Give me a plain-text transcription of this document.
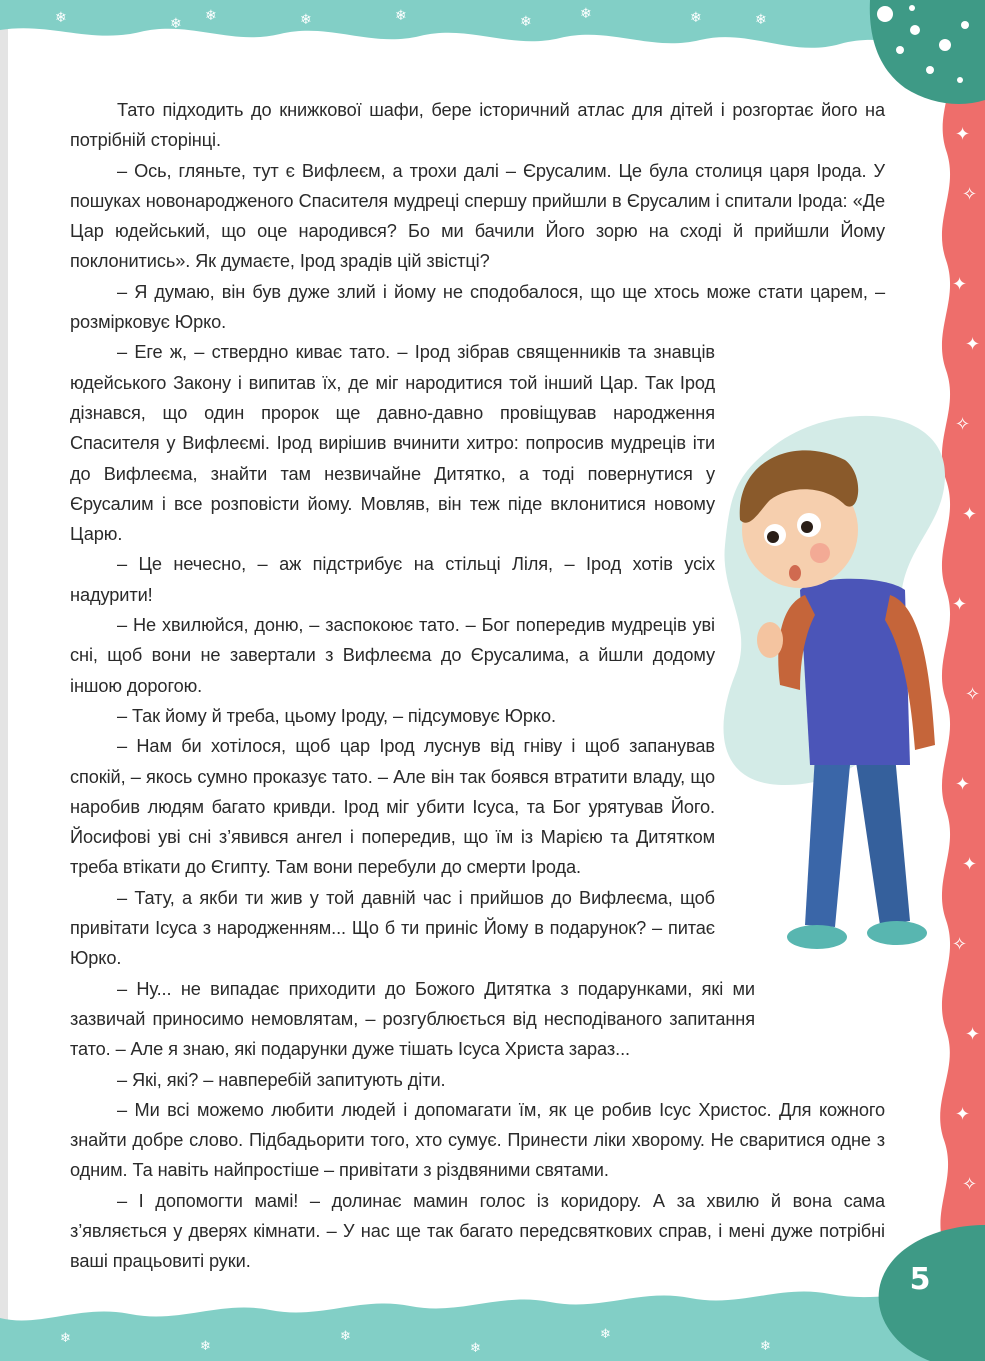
❄	❄ ❄	❄	❄	❄	❄	❄	❄
✦
✧
✦
✦
✧
✦
✦
✧
✦
✦
✧
✦
✦
✧
❄
❄
❄
❄
❄
❄

Тато підходить до книжкової шафи, бере історичний атлас для дітей і розгортає його на потрібній сторінці.

– Ось, гляньте, тут є Вифлеєм, а трохи далі – Єрусалим. Це була столиця царя Ірода. У пошуках новонародженого Спасителя мудреці спершу прийшли в Єрусалим і спитали Ірода: «Де Цар юдейський, що оце народився? Бо ми бачили Його зорю на сході й прийшли Йому поклонитись». Як думаєте, Ірод зрадів цій звістці?

– Я думаю, він був дуже злий і йому не сподобалося, що ще хтось може стати царем, – розмірковує Юрко.

– Еге ж, – ствердно киває тато. – Ірод зібрав священників та знавців юдейського Закону і випитав їх, де міг народитися той інший Цар. Так Ірод дізнався, що один пророк ще давно-давно провіщував народження Спасителя у Вифлеємі. Ірод вирішив вчинити хитро: попросив мудреців іти до Вифлеєма, знайти там незвичайне Дитятко, а тоді повернутися у Єрусалим і все розповісти йому. Мовляв, він теж піде вклонитися новому Царю.

– Це нечесно, – аж підстрибує на стільці Ліля, – Ірод хотів усіх надурити!

– Не хвилюйся, доню, – заспокоює тато. – Бог попередив мудреців уві сні, щоб вони не завертали з Вифлеєма до Єрусалима, а йшли додому іншою дорогою.

– Так йому й треба, цьому Іроду, – підсумовує Юрко.

– Нам би хотілося, щоб цар Ірод луснув від гніву і щоб запанував спокій, – якось сумно проказує тато. – Але він так боявся втратити владу, що наробив людям багато кривди. Ірод міг убити Ісуса, та Бог урятував Його. Йосифові уві сні з’явився ангел і попередив, що їм із Марією та Дитятком треба втікати до Єгипту. Там вони перебули до смерти Ірода.

– Тату, а якби ти жив у той давній час і прийшов до Вифлеєма, щоб привітати Ісуса з народженням... Що б ти приніс Йому в подарунок? – питає Юрко.

– Ну... не випадає приходити до Божого Дитятка з подарунками, які ми зазвичай приносимо немовлятам, – розгублюється від несподіваного запитання тато. – Але я знаю, які подарунки дуже тішать Ісуса Христа зараз...

– Які, які? – навперебій запитують діти.

– Ми всі можемо любити людей і допомагати їм, як це робив Ісус Христос. Для кожного знайти добре слово. Підбадьорити того, хто сумує. Принести ліки хворому. Не сваритися одне з одним. Та навіть найпростіше – привітати з різдвяними святами.

– І допомогти мамі! – долинає мамин голос із коридору. А за хвилю й вона сама з’являється у дверях кімнати. – У нас ще так багато передсвяткових справ, і мені дуже потрібні ваші працьовиті руки.

5
